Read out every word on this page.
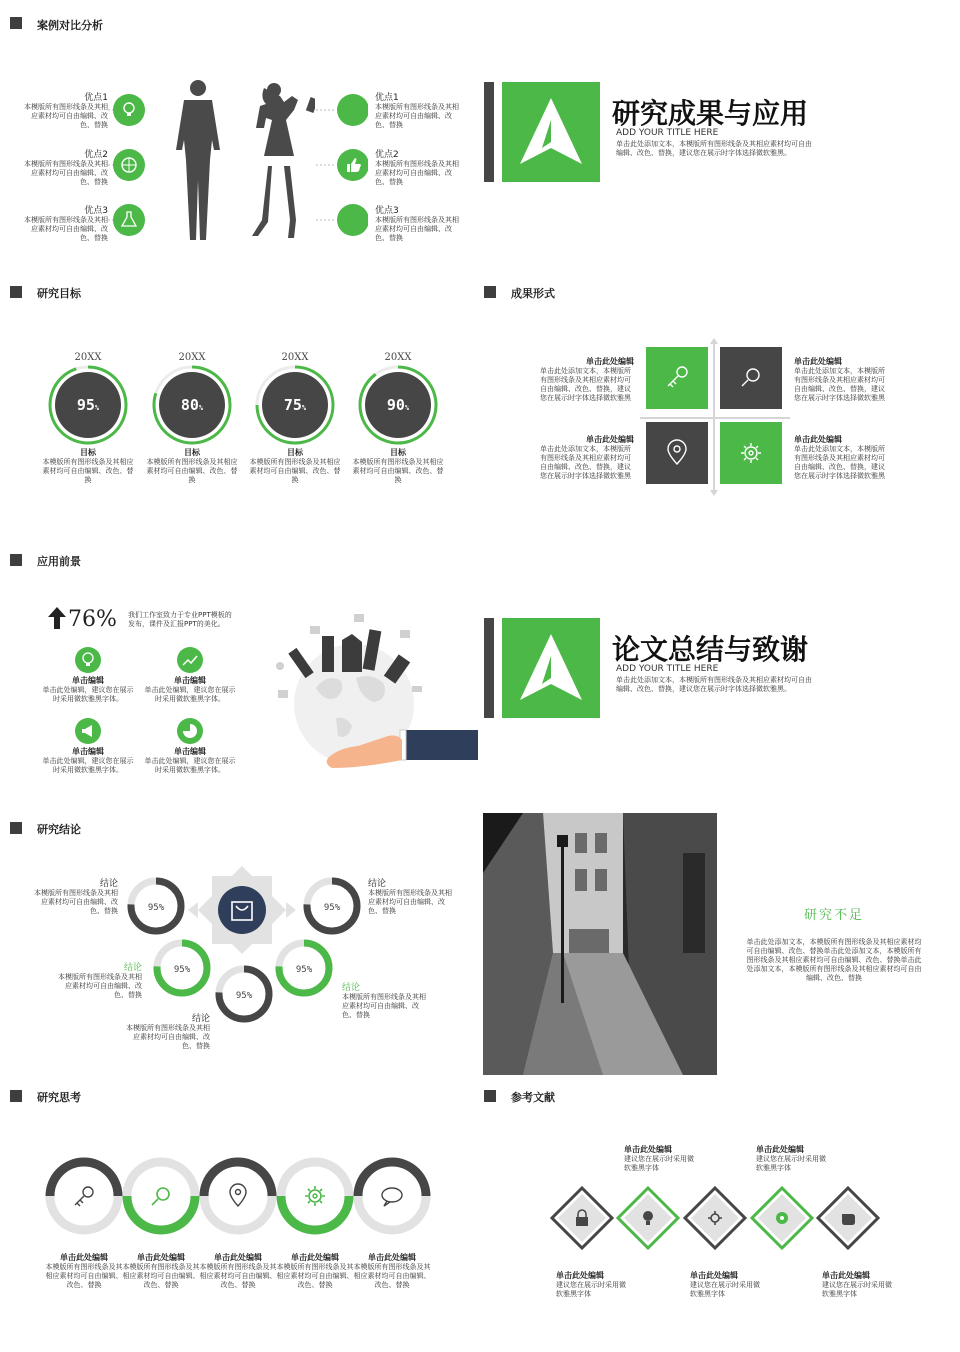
案例对比分析
优点1
本模版所有图形线条及其相应素材均可自由编辑、改色、替换
优点2
本模版所有图形线条及其相应素材均可自由编辑、改色、替换
优点3
本模版所有图形线条及其相应素材均可自由编辑、改色、替换
优点1
本模版所有图形线条及其相应素材均可自由编辑、改色、替换
优点2
本模版所有图形线条及其相应素材均可自由编辑、改色、替换
优点3
本模版所有图形线条及其相应素材均可自由编辑、改色、替换
研究成果与应用
ADD YOUR TITLE HERE
单击此处添加文本，本模版所有图形线条及其相应素材均可自由编辑、改色、替换，建议您在展示时字体选择微软雅黑。
研究目标
20XX
95%
目标
本模版所有图形线条及其相应素材均可自由编辑、改色、替换
20XX
80%
目标
本模版所有图形线条及其相应素材均可自由编辑、改色、替换
20XX
75%
目标
本模版所有图形线条及其相应素材均可自由编辑、改色、替换
20XX
90%
目标
本模版所有图形线条及其相应素材均可自由编辑、改色、替换
成果形式
单击此处编辑
单击此处添加文本，本模版所有图形线条及其相应素材均可自由编辑、改色、替换，建议您在展示时字体选择微软雅黑
单击此处编辑
单击此处添加文本，本模版所有图形线条及其相应素材均可自由编辑、改色、替换，建议您在展示时字体选择微软雅黑
单击此处编辑
单击此处添加文本，本模版所有图形线条及其相应素材均可自由编辑、改色、替换，建议您在展示时字体选择微软雅黑
单击此处编辑
单击此处添加文本，本模版所有图形线条及其相应素材均可自由编辑、改色、替换，建议您在展示时字体选择微软雅黑
应用前景
76% 我们工作室致力于专业PPT模板的发布，课件及汇报PPT的美化。
单击编辑
单击此处编辑，建议您在展示时采用微软雅黑字体。
单击编辑
单击此处编辑，建议您在展示时采用微软雅黑字体。
单击编辑
单击此处编辑，建议您在展示时采用微软雅黑字体。
单击编辑
单击此处编辑，建议您在展示时采用微软雅黑字体。
论文总结与致谢
ADD YOUR TITLE HERE
单击此处添加文本，本模版所有图形线条及其相应素材均可自由编辑、改色、替换，建议您在展示时字体选择微软雅黑。
研究结论
95%	95%
95%	95%
95%
结论
本模版所有图形线条及其相应素材均可自由编辑、改色、替换
结论
本模版所有图形线条及其相应素材均可自由编辑、改色、替换
结论
本模版所有图形线条及其相应素材均可自由编辑、改色、替换
结论
本模版所有图形线条及其相应素材均可自由编辑、改色、替换
结论
本模版所有图形线条及其相应素材均可自由编辑、改色、替换
研究不足
单击此处添加文本，本模版所有图形线条及其相应素材均可自由编辑、改色、替换单击此处添加文本，本模版所有图形线条及其相应素材均可自由编辑、改色、替换单击此处添加文本，本模版所有图形线条及其相应素材均可自由编辑、改色、替换
研究思考
单击此处编辑
本模版所有图形线条及其相应素材均可自由编辑、改色、替换
单击此处编辑
本模版所有图形线条及其相应素材均可自由编辑、改色、替换
单击此处编辑
本模版所有图形线条及其相应素材均可自由编辑、改色、替换
单击此处编辑
本模版所有图形线条及其相应素材均可自由编辑、改色、替换
单击此处编辑
本模版所有图形线条及其相应素材均可自由编辑、改色、替换
参考文献
单击此处编辑
建议您在展示时采用微软雅黑字体
单击此处编辑
建议您在展示时采用微软雅黑字体
单击此处编辑
建议您在展示时采用微软雅黑字体
单击此处编辑
建议您在展示时采用微软雅黑字体
单击此处编辑
建议您在展示时采用微软雅黑字体
